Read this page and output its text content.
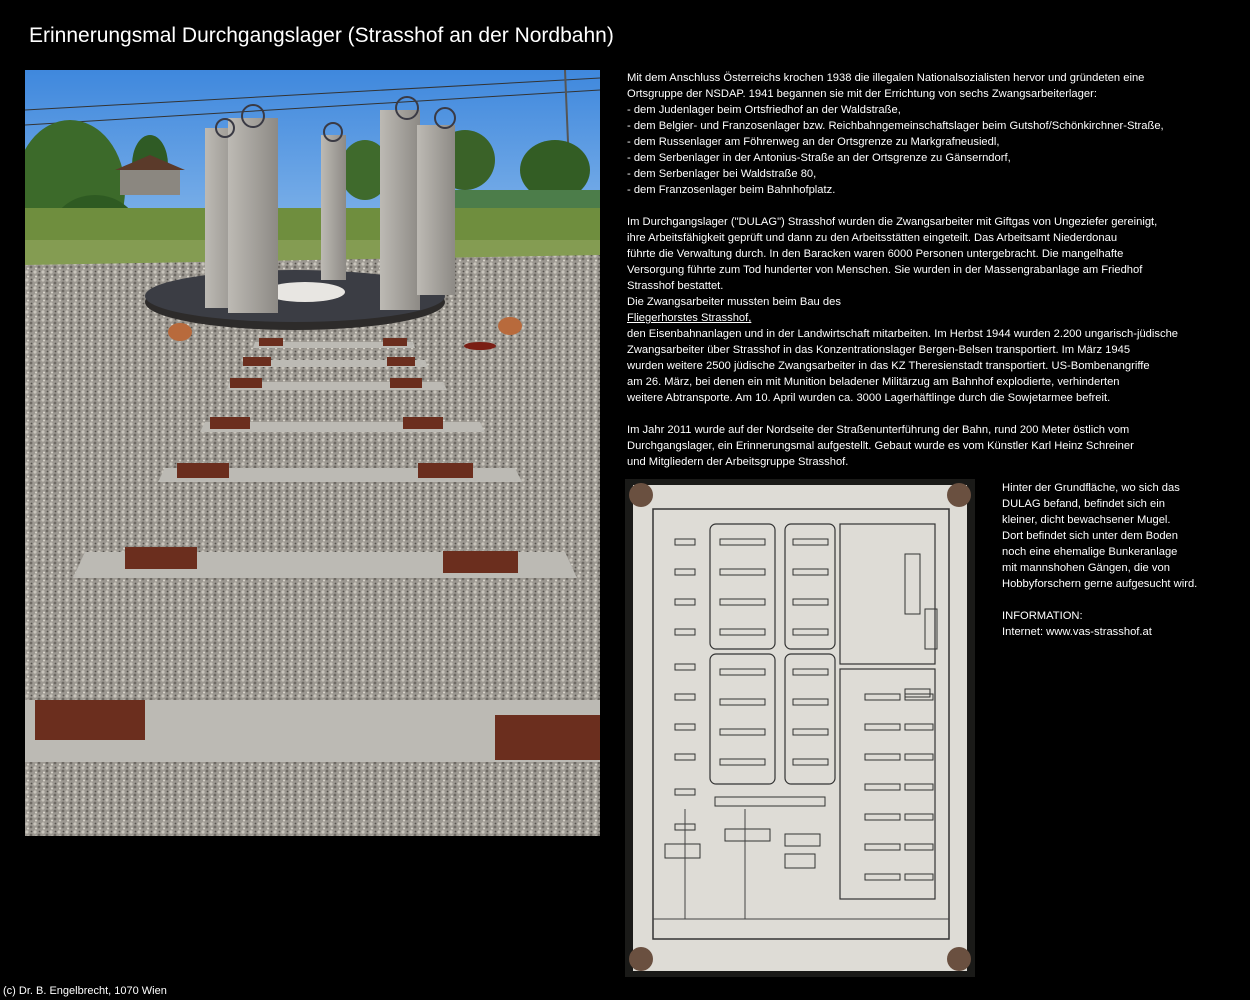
Erinnerungsmal Durchgangslager (Strasshof an der Nordbahn)

Mit dem Anschluss Österreichs krochen 1938 die illegalen Nationalsozialisten hervor und gründeten eine
Ortsgruppe der NSDAP. 1941 begannen sie mit der Errichtung von sechs Zwangsarbeiterlager:
- dem Judenlager beim Ortsfriedhof an der Waldstraße,
- dem Belgier- und Franzosenlager bzw. Reichbahngemeinschaftslager beim Gutshof/Schönkirchner-Straße,
- dem Russenlager am Föhrenweg an der Ortsgrenze zu Markgrafneusiedl,
- dem Serbenlager in der Antonius-Straße an der Ortsgrenze zu Gänserndorf,
- dem Serbenlager bei Waldstraße 80,
- dem Franzosenlager beim Bahnhofplatz.

Im Durchgangslager ("DULAG") Strasshof wurden die Zwangsarbeiter mit Giftgas von Ungeziefer gereinigt,
ihre Arbeitsfähigkeit geprüft und dann zu den Arbeitsstätten eingeteilt. Das Arbeitsamt Niederdonau
führte die Verwaltung durch. In den Baracken waren 6000 Personen untergebracht. Die mangelhafte
Versorgung führte zum Tod hunderter von Menschen. Sie wurden in der Massengrabanlage am Friedhof
Strasshof bestattet.
Die Zwangsarbeiter mussten beim Bau des
Fliegerhorstes Strasshof,
den Eisenbahnanlagen und in der Landwirtschaft mitarbeiten. Im Herbst 1944 wurden 2.200 ungarisch-jüdische
Zwangsarbeiter über Strasshof in das Konzentrationslager Bergen-Belsen transportiert. Im März 1945
wurden weitere 2500 jüdische Zwangsarbeiter in das KZ Theresienstadt transportiert. US-Bombenangriffe
am 26. März, bei denen ein mit Munition beladener Militärzug am Bahnhof explodierte, verhinderten
weitere Abtransporte. Am 10. April wurden ca. 3000 Lagerhäftlinge durch die Sowjetarmee befreit.

Im Jahr 2011 wurde auf der Nordseite der Straßenunterführung der Bahn, rund 200 Meter östlich vom
Durchgangslager, ein Erinnerungsmal aufgestellt. Gebaut wurde es vom Künstler Karl Heinz Schreiner
und Mitgliedern der Arbeitsgruppe Strasshof.

Hinter der Grundfläche, wo sich das
DULAG befand, befindet sich ein
kleiner, dicht bewachsener Mugel.
Dort befindet sich unter dem Boden
noch eine ehemalige Bunkeranlage
mit mannshohen Gängen, die von
Hobbyforschern gerne aufgesucht wird.
INFORMATION:
Internet: www.vas-strasshof.at
(c) Dr. B. Engelbrecht, 1070 Wien
